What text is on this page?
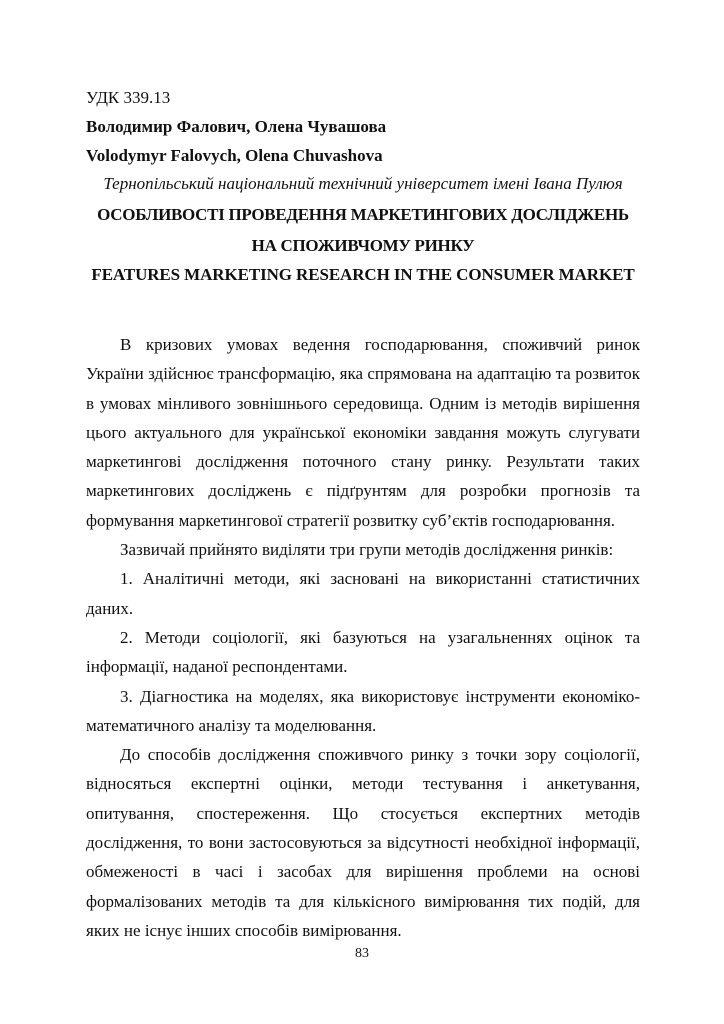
УДК 339.13

Володимир Фалович, Олена Чувашова

Volodymyr Falovych, Olena Chuvashova

Тернопільський національний технічний університет імені Івана Пулюя

ОСОБЛИВОСТІ ПРОВЕДЕННЯ МАРКЕТИНГОВИХ ДОСЛІДЖЕНЬ НА СПОЖИВЧОМУ РИНКУ

FEATURES MARKETING RESEARCH IN THE CONSUMER MARKET

В кризових умовах ведення господарювання, споживчий ринок України здійснює трансформацію, яка спрямована на адаптацію та розвиток в умовах мінливого зовнішнього середовища. Одним із методів вирішення цього актуального для української економіки завдання можуть слугувати маркетингові дослідження поточного стану ринку. Результати таких маркетингових досліджень є підґрунтям для розробки прогнозів та формування маркетингової стратегії розвитку суб’єктів господарювання.

Зазвичай прийнято виділяти три групи методів дослідження ринків:

1. Аналітичні методи, які засновані на використанні статистичних даних.

2. Методи соціології, які базуються на узагальненнях оцінок та інформації, наданої респондентами.

3. Діагностика на моделях, яка використовує інструменти економіко-математичного аналізу та моделювання.

До способів дослідження споживчого ринку з точки зору соціології, відносяться експертні оцінки, методи тестування і анкетування, опитування, спостереження. Що стосується експертних методів дослідження, то вони застосовуються за відсутності необхідної інформації, обмеженості в часі і засобах для вирішення проблеми на основі формалізованих методів та для кількісного вимірювання тих подій, для яких не існує інших способів вимірювання.

83
